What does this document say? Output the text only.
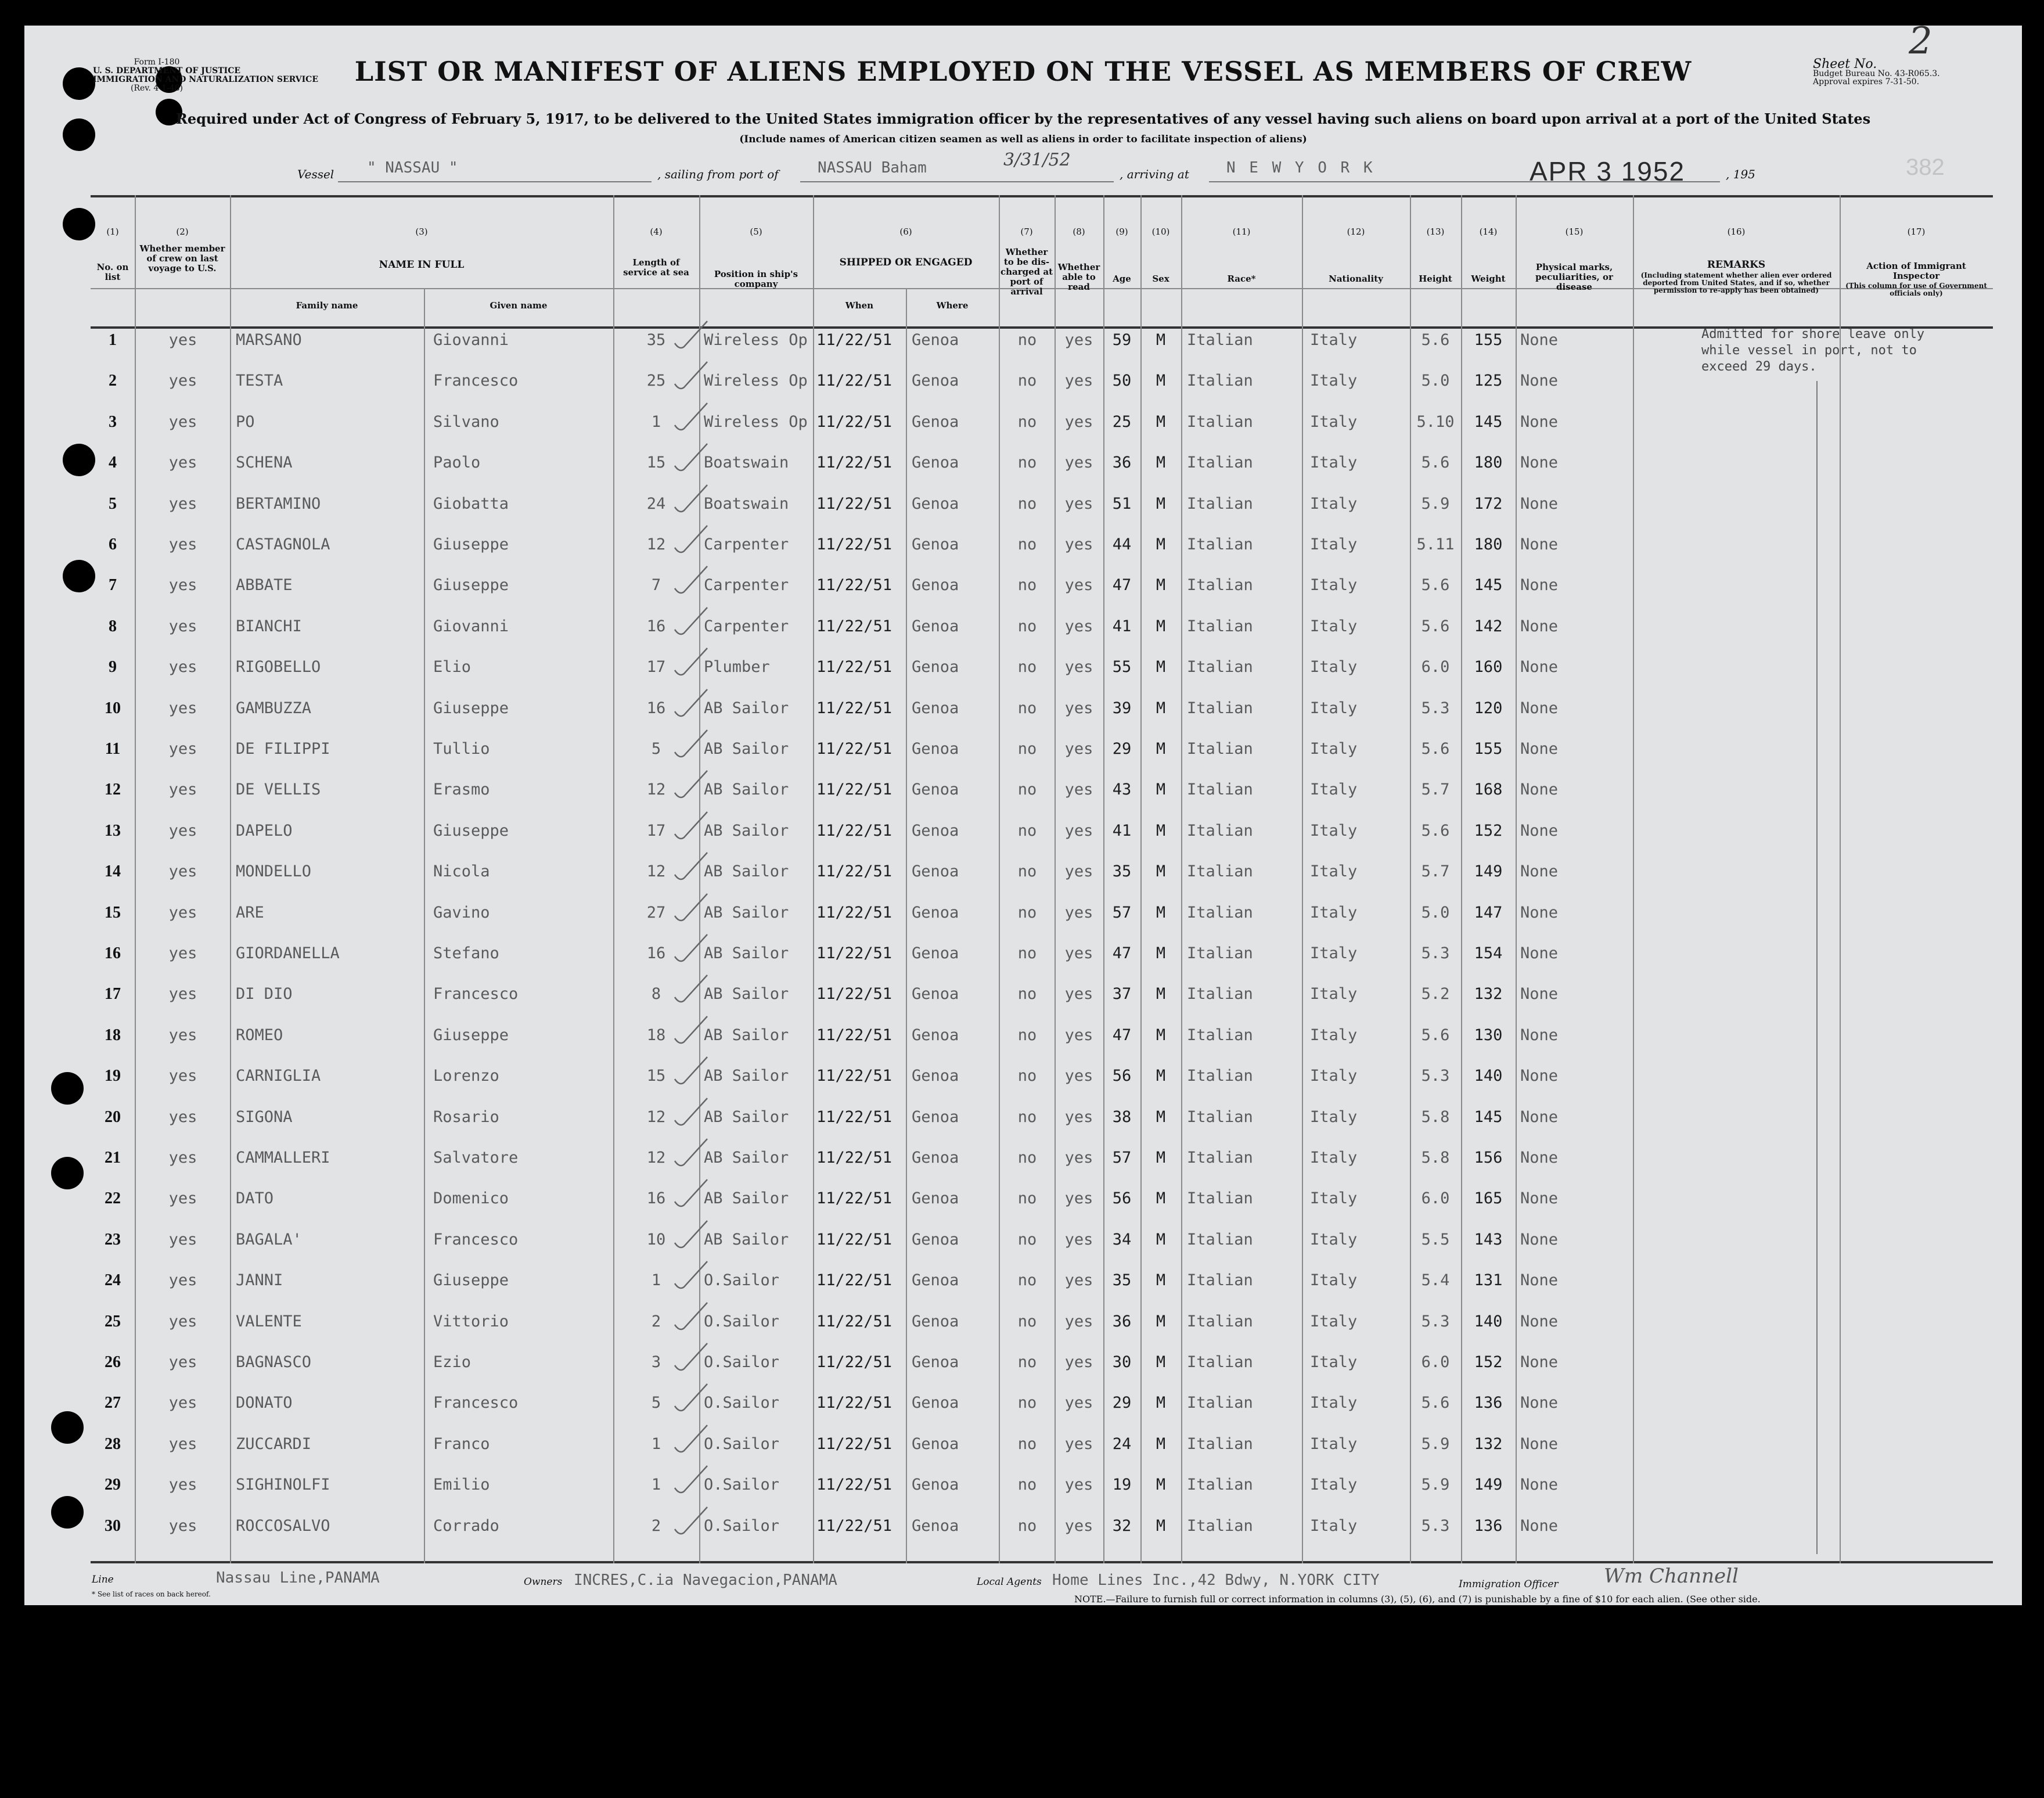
Form I-180
U. S. DEPARTMENT OF JUSTICE
IMMIGRATION AND NATURALIZATION SERVICE
(Rev. 4-1-48)
LIST OR MANIFEST OF ALIENS EMPLOYED ON THE VESSEL AS MEMBERS OF CREW	Sheet No.
Budget Bureau No. 43-R065.3.
Approval expires 7-31-50.
2
Required under Act of Congress of February 5, 1917, to be delivered to the United States immigration officer by the representatives of any vessel having such aliens on board upon arrival at a port of the United States
(Include names of American citizen seamen as well as aliens in order to facilitate inspection of aliens)
Vessel " NASSAU "	, sailing from port of	NASSAU Baham	3/31/52
, arriving at N E W Y O R K	APR 3 1952	, 195	382
(1)	(2)	(3)	(4)	(5)	(6)	(7)	(8)	(9)	(10)	(11)	(12)	(13)	(14)	(15)	(16)	(17)
No. on list
Whether member of crew on last voyage to U.S.	NAME IN FULL
Family name	Given name
Length of service at sea	Position in ship's company
SHIPPED OR ENGAGED
When	Where
Whether to be dis-charged at port of arrival
Whether able to read
Age	Sex	Race*	Nationality	Height	Weight
Physical marks, peculiarities, or disease
REMARKS
(Including statement whether alien ever ordered deported from United States, and if so, whether permission to re-apply has been obtained)
Action of Immigrant Inspector
(This column for use of Government officials only)
Admitted for shore leave only while vessel in port, not to exceed 29 days.
1	yes	MARSANO	Giovanni	35	Wireless Op 11/22/51	Genoa	no	yes	59	M	Italian	Italy	5.6	155	None
2	yes	TESTA	Francesco	25	Wireless Op 11/22/51	Genoa	no	yes	50	M	Italian	Italy	5.0	125	None
3	yes	PO	Silvano	1	Wireless Op 11/22/51	Genoa	no	yes	25	M	Italian	Italy	5.10	145	None
4	yes	SCHENA	Paolo	15	Boatswain	11/22/51	Genoa	no	yes	36	M	Italian	Italy	5.6	180	None
5	yes	BERTAMINO	Giobatta	24	Boatswain	11/22/51	Genoa	no	yes	51	M	Italian	Italy	5.9	172	None
6	yes	CASTAGNOLA	Giuseppe	12	Carpenter	11/22/51	Genoa	no	yes	44	M	Italian	Italy	5.11	180	None
7	yes	ABBATE	Giuseppe	7	Carpenter	11/22/51	Genoa	no	yes	47	M	Italian	Italy	5.6	145	None
8	yes	BIANCHI	Giovanni	16	Carpenter	11/22/51	Genoa	no	yes	41	M	Italian	Italy	5.6	142	None
9	yes	RIGOBELLO	Elio	17	Plumber	11/22/51	Genoa	no	yes	55	M	Italian	Italy	6.0	160	None
10	yes	GAMBUZZA	Giuseppe	16	AB Sailor	11/22/51	Genoa	no	yes	39	M	Italian	Italy	5.3	120	None
11	yes	DE FILIPPI	Tullio	5	AB Sailor	11/22/51	Genoa	no	yes	29	M	Italian	Italy	5.6	155	None
12	yes	DE VELLIS	Erasmo	12	AB Sailor	11/22/51	Genoa	no	yes	43	M	Italian	Italy	5.7	168	None
13	yes	DAPELO	Giuseppe	17	AB Sailor	11/22/51	Genoa	no	yes	41	M	Italian	Italy	5.6	152	None
14	yes	MONDELLO	Nicola	12	AB Sailor	11/22/51	Genoa	no	yes	35	M	Italian	Italy	5.7	149	None
15	yes	ARE	Gavino	27	AB Sailor	11/22/51	Genoa	no	yes	57	M	Italian	Italy	5.0	147	None
16	yes	GIORDANELLA	Stefano	16	AB Sailor	11/22/51	Genoa	no	yes	47	M	Italian	Italy	5.3	154	None
17	yes	DI DIO	Francesco	8	AB Sailor	11/22/51	Genoa	no	yes	37	M	Italian	Italy	5.2	132	None
18	yes	ROMEO	Giuseppe	18	AB Sailor	11/22/51	Genoa	no	yes	47	M	Italian	Italy	5.6	130	None
19	yes	CARNIGLIA	Lorenzo	15	AB Sailor	11/22/51	Genoa	no	yes	56	M	Italian	Italy	5.3	140	None
20	yes	SIGONA	Rosario	12	AB Sailor	11/22/51	Genoa	no	yes	38	M	Italian	Italy	5.8	145	None
21	yes	CAMMALLERI	Salvatore	12	AB Sailor	11/22/51	Genoa	no	yes	57	M	Italian	Italy	5.8	156	None
22	yes	DATO	Domenico	16	AB Sailor	11/22/51	Genoa	no	yes	56	M	Italian	Italy	6.0	165	None
23	yes	BAGALA'	Francesco	10	AB Sailor	11/22/51	Genoa	no	yes	34	M	Italian	Italy	5.5	143	None
24	yes	JANNI	Giuseppe	1	O.Sailor	11/22/51	Genoa	no	yes	35	M	Italian	Italy	5.4	131	None
25	yes	VALENTE	Vittorio	2	O.Sailor	11/22/51	Genoa	no	yes	36	M	Italian	Italy	5.3	140	None
26	yes	BAGNASCO	Ezio	3	O.Sailor	11/22/51	Genoa	no	yes	30	M	Italian	Italy	6.0	152	None
27	yes	DONATO	Francesco	5	O.Sailor	11/22/51	Genoa	no	yes	29	M	Italian	Italy	5.6	136	None
28	yes	ZUCCARDI	Franco	1	O.Sailor	11/22/51	Genoa	no	yes	24	M	Italian	Italy	5.9	132	None
29	yes	SIGHINOLFI	Emilio	1	O.Sailor	11/22/51	Genoa	no	yes	19	M	Italian	Italy	5.9	149	None
30	yes	ROCCOSALVO	Corrado	2	O.Sailor	11/22/51	Genoa	no	yes	32	M	Italian	Italy	5.3	136	None
Line	Nassau Line,PANAMA	Owners INCRES,C.ia Navegacion,PANAMA	Local Agents Home Lines Inc.,42 Bdwy, N.YORK CITY	Immigration Officer Wm Channell
* See list of races on back hereof.	NOTE.—Failure to furnish full or correct information in columns (3), (5), (6), and (7) is punishable by a fine of $10 for each alien. (See other side.
